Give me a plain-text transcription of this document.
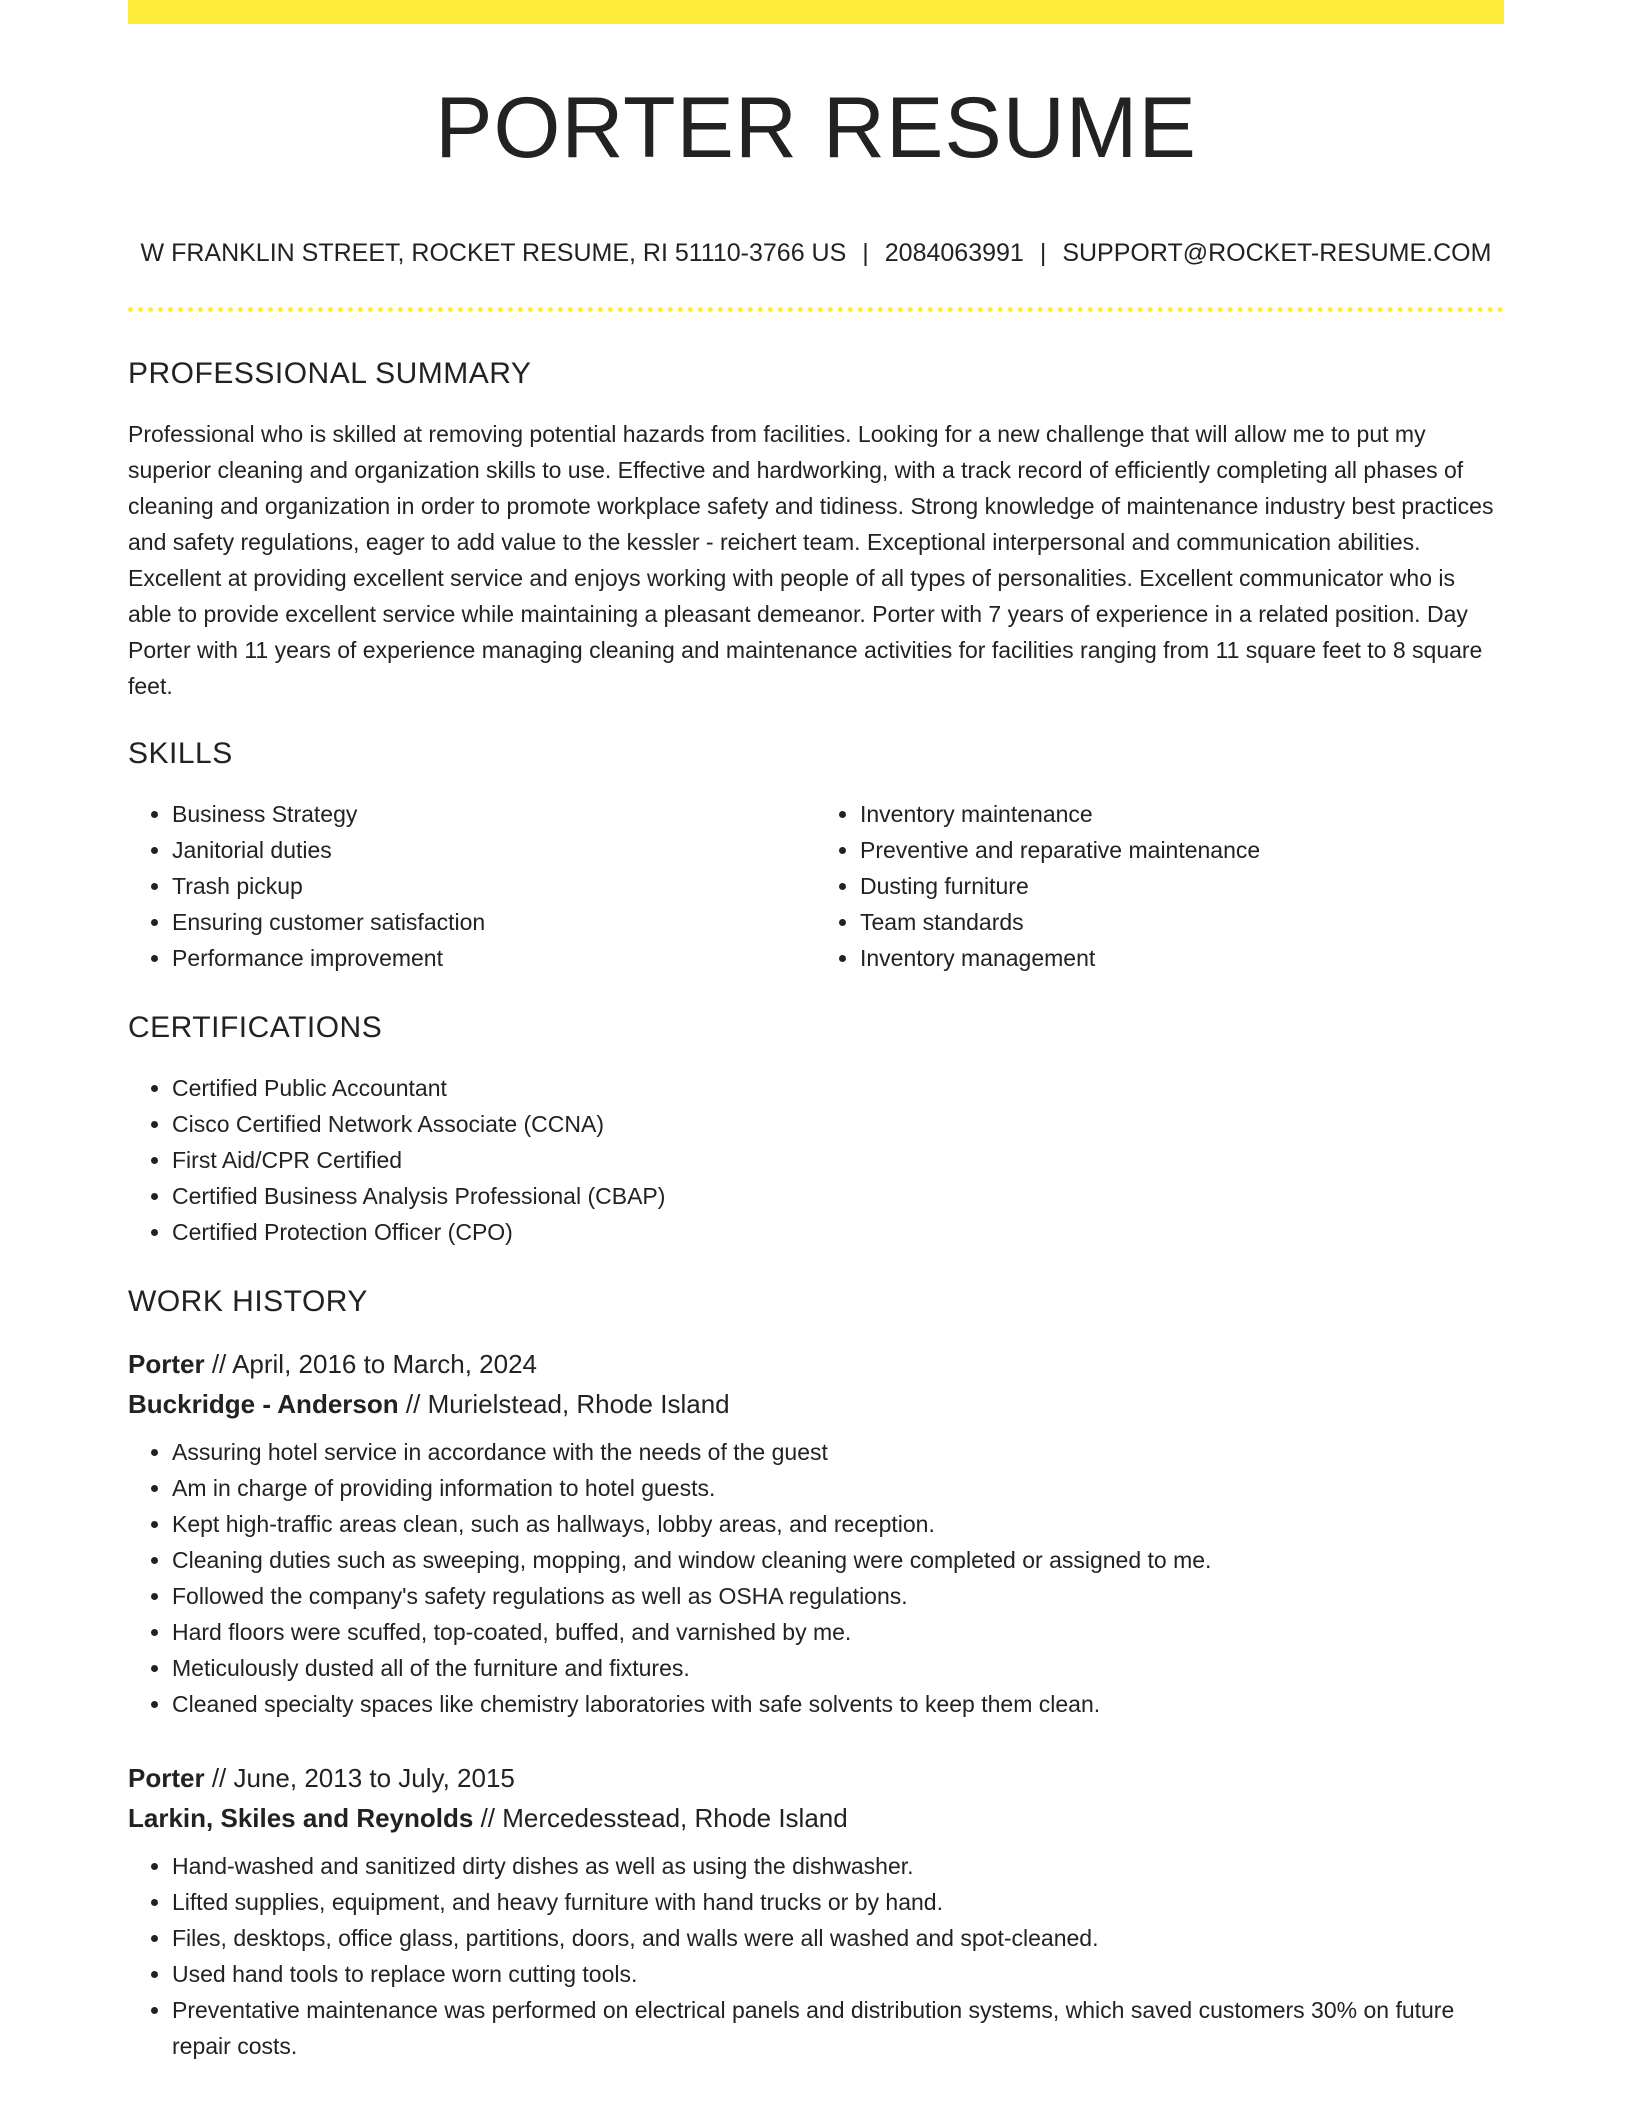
PORTER RESUME
W FRANKLIN STREET, ROCKET RESUME, RI 51110-3766 US | 2084063991 | SUPPORT@ROCKET-RESUME.COM
PROFESSIONAL SUMMARY

Professional who is skilled at removing potential hazards from facilities. Looking for a new challenge that will allow me to put my superior cleaning and organization skills to use. Effective and hardworking, with a track record of efficiently completing all phases of cleaning and organization in order to promote workplace safety and tidiness. Strong knowledge of maintenance industry best practices and safety regulations, eager to add value to the kessler - reichert team. Exceptional interpersonal and communication abilities. Excellent at providing excellent service and enjoys working with people of all types of personalities. Excellent communicator who is able to provide excellent service while maintaining a pleasant demeanor. Porter with 7 years of experience in a related position. Day Porter with 11 years of experience managing cleaning and maintenance activities for facilities ranging from 11 square feet to 8 square feet.

SKILLS
• Business Strategy
• Janitorial duties
• Trash pickup
• Ensuring customer satisfaction
• Performance improvement
• Inventory maintenance
• Preventive and reparative maintenance
• Dusting furniture
• Team standards
• Inventory management
CERTIFICATIONS
• Certified Public Accountant
• Cisco Certified Network Associate (CCNA)
• First Aid/CPR Certified
• Certified Business Analysis Professional (CBAP)
• Certified Protection Officer (CPO)
WORK HISTORY
Porter // April, 2016 to March, 2024
Buckridge - Anderson // Murielstead, Rhode Island
• Assuring hotel service in accordance with the needs of the guest
• Am in charge of providing information to hotel guests.
• Kept high-traffic areas clean, such as hallways, lobby areas, and reception.
• Cleaning duties such as sweeping, mopping, and window cleaning were completed or assigned to me.
• Followed the company's safety regulations as well as OSHA regulations.
• Hard floors were scuffed, top-coated, buffed, and varnished by me.
• Meticulously dusted all of the furniture and fixtures.
• Cleaned specialty spaces like chemistry laboratories with safe solvents to keep them clean.
Porter // June, 2013 to July, 2015
Larkin, Skiles and Reynolds // Mercedesstead, Rhode Island
• Hand-washed and sanitized dirty dishes as well as using the dishwasher.
• Lifted supplies, equipment, and heavy furniture with hand trucks or by hand.
• Files, desktops, office glass, partitions, doors, and walls were all washed and spot-cleaned.
• Used hand tools to replace worn cutting tools.
• Preventative maintenance was performed on electrical panels and distribution systems, which saved customers 30% on future repair costs.
